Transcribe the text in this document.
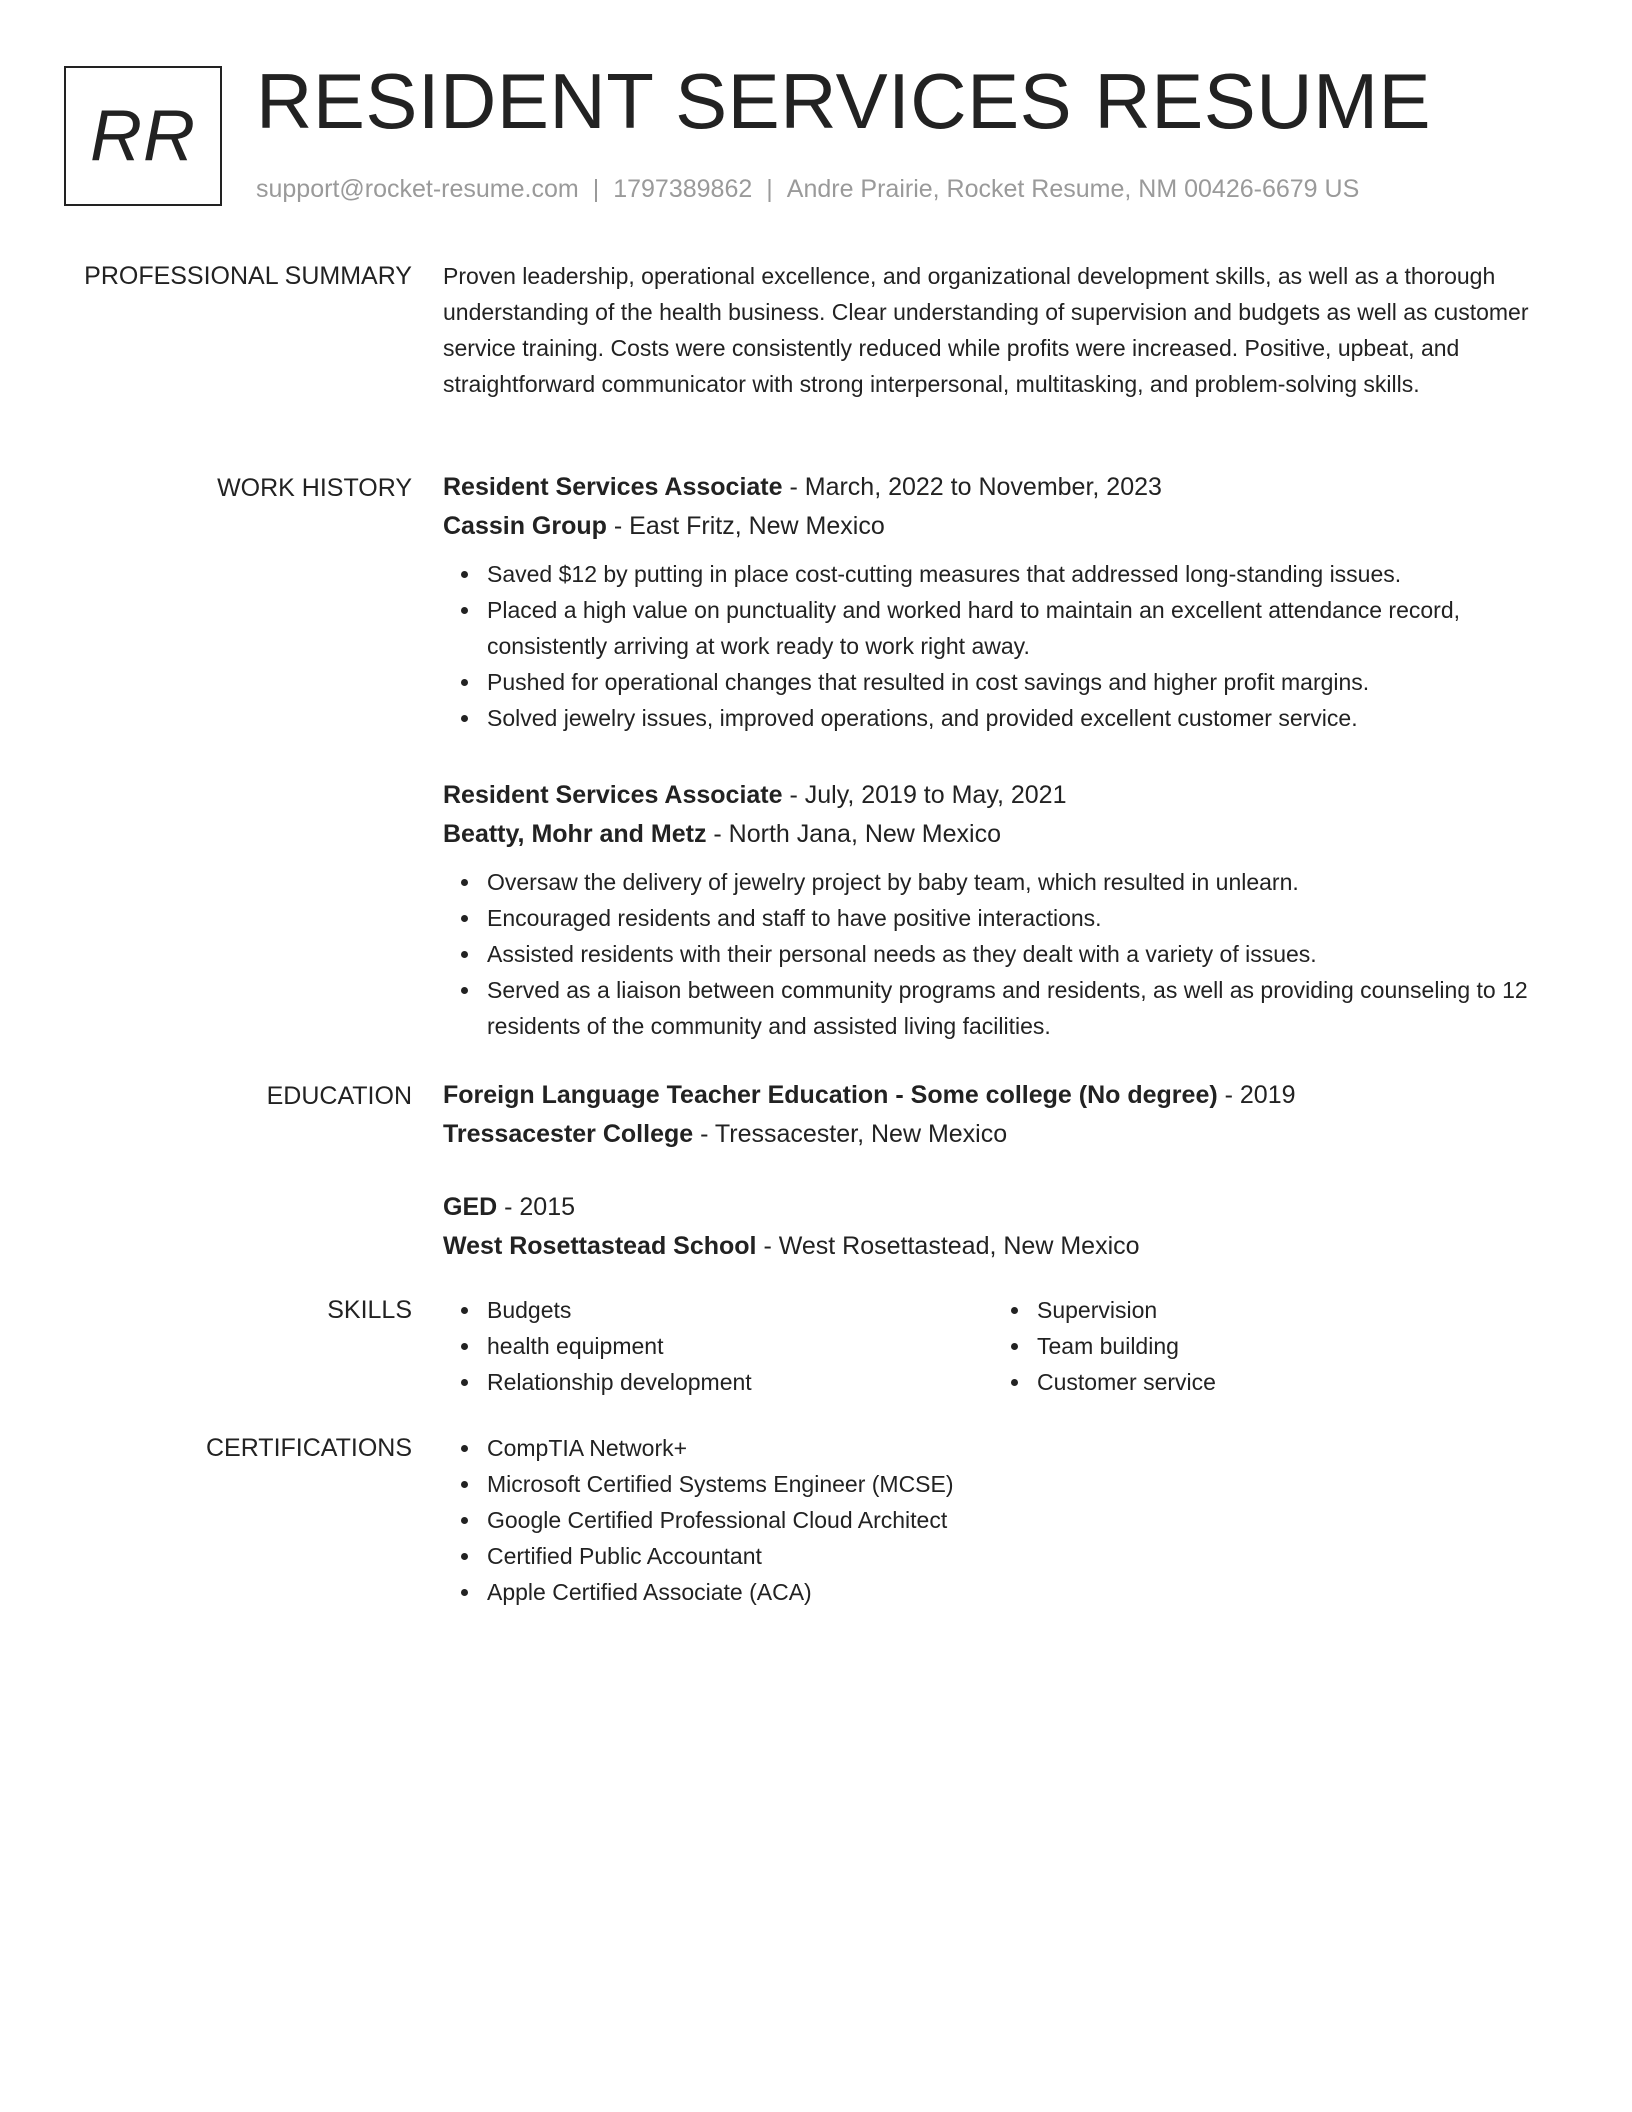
RR RESIDENT SERVICES RESUME
support@rocket-resume.com | 1797389862 | Andre Prairie, Rocket Resume, NM 00426-6679 US
PROFESSIONAL SUMMARY Proven leadership, operational excellence, and organizational development skills, as well as a thorough understanding of the health business. Clear understanding of supervision and budgets as well as customer service training. Costs were consistently reduced while profits were increased. Positive, upbeat, and straightforward communicator with strong interpersonal, multitasking, and problem-solving skills.

WORK HISTORY Resident Services Associate - March, 2022 to November, 2023

Cassin Group - East Fritz, New Mexico

Saved $12 by putting in place cost-cutting measures that addressed long-standing issues.
Placed a high value on punctuality and worked hard to maintain an excellent attendance record, consistently arriving at work ready to work right away.
Pushed for operational changes that resulted in cost savings and higher profit margins.
Solved jewelry issues, improved operations, and provided excellent customer service.

Resident Services Associate - July, 2019 to May, 2021

Beatty, Mohr and Metz - North Jana, New Mexico

Oversaw the delivery of jewelry project by baby team, which resulted in unlearn.
Encouraged residents and staff to have positive interactions.
Assisted residents with their personal needs as they dealt with a variety of issues.
Served as a liaison between community programs and residents, as well as providing counseling to 12 residents of the community and assisted living facilities.
EDUCATION Foreign Language Teacher Education - Some college (No degree) - 2019

Tressacester College - Tressacester, New Mexico

GED - 2015

West Rosettastead School - West Rosettastead, New Mexico

SKILLS	Budgets
health equipment
Relationship development
Supervision
Team building
Customer service
CERTIFICATIONS	CompTIA Network+
Microsoft Certified Systems Engineer (MCSE)
Google Certified Professional Cloud Architect
Certified Public Accountant
Apple Certified Associate (ACA)
